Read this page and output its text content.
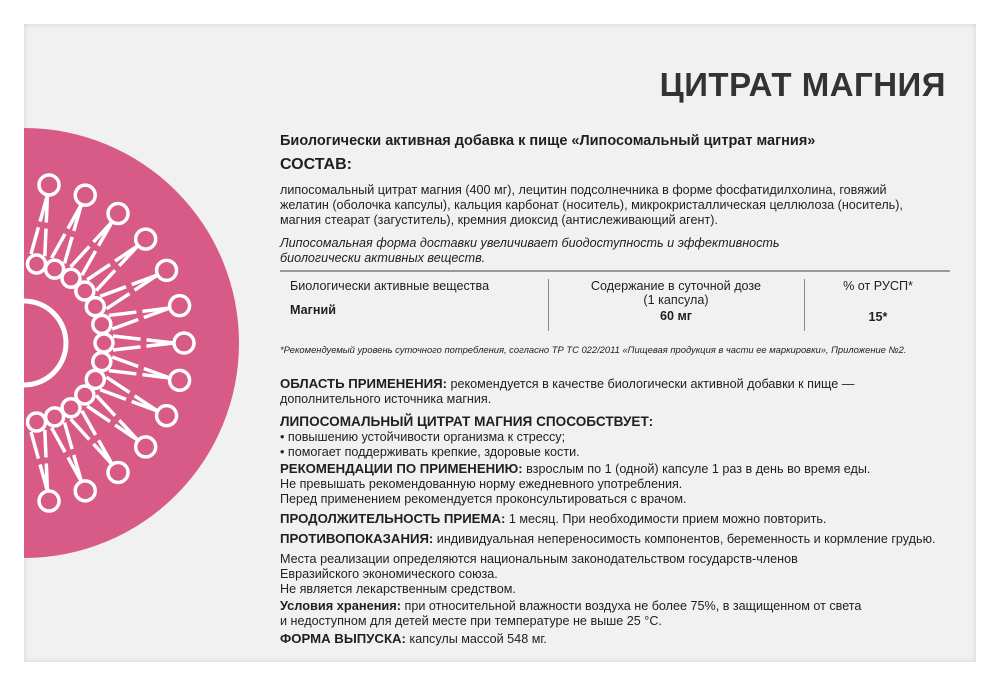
ЦИТРАТ МАГНИЯ
Биологически активная добавка к пище «Липосомальный цитрат магния»
СОСТАВ:
липосомальный цитрат магния (400 мг), лецитин подсолнечника в форме фосфатидилхолина, говяжий
желатин (оболочка капсулы), кальция карбонат (носитель), микрокристаллическая целлюлоза (носитель),
магния стеарат (загуститель), кремния диоксид (антислеживающий агент).
Липосомальная форма доставки увеличивает биодоступность и эффективность
биологически активных веществ.
Биологически активные вещества
Магний
Содержание в суточной дозе
(1 капсула)
60 мг
% от РУСП*
15*
*Рекомендуемый уровень суточного потребления, согласно ТР ТС 022/2011 «Пищевая продукция в части ее маркировки», Приложение №2.
ОБЛАСТЬ ПРИМЕНЕНИЯ: рекомендуется в качестве биологически активной добавки к пище —
дополнительного источника магния.
ЛИПОСОМАЛЬНЫЙ ЦИТРАТ МАГНИЯ СПОСОБСТВУЕТ:
• повышению устойчивости организма к стрессу;
• помогает поддерживать крепкие, здоровые кости.
РЕКОМЕНДАЦИИ ПО ПРИМЕНЕНИЮ: взрослым по 1 (одной) капсуле 1 раз в день во время еды.
Не превышать рекомендованную норму ежедневного употребления.
Перед применением рекомендуется проконсультироваться с врачом.
ПРОДОЛЖИТЕЛЬНОСТЬ ПРИЕМА: 1 месяц. При необходимости прием можно повторить.
ПРОТИВОПОКАЗАНИЯ: индивидуальная непереносимость компонентов, беременность и кормление грудью.
Места реализации определяются национальным законодательством государств-членов
Евразийского экономического союза.
Не является лекарственным средством.
Условия хранения: при относительной влажности воздуха не более 75%, в защищенном от света
и недоступном для детей месте при температуре не выше 25 °С.
ФОРМА ВЫПУСКА: капсулы массой 548 мг.
